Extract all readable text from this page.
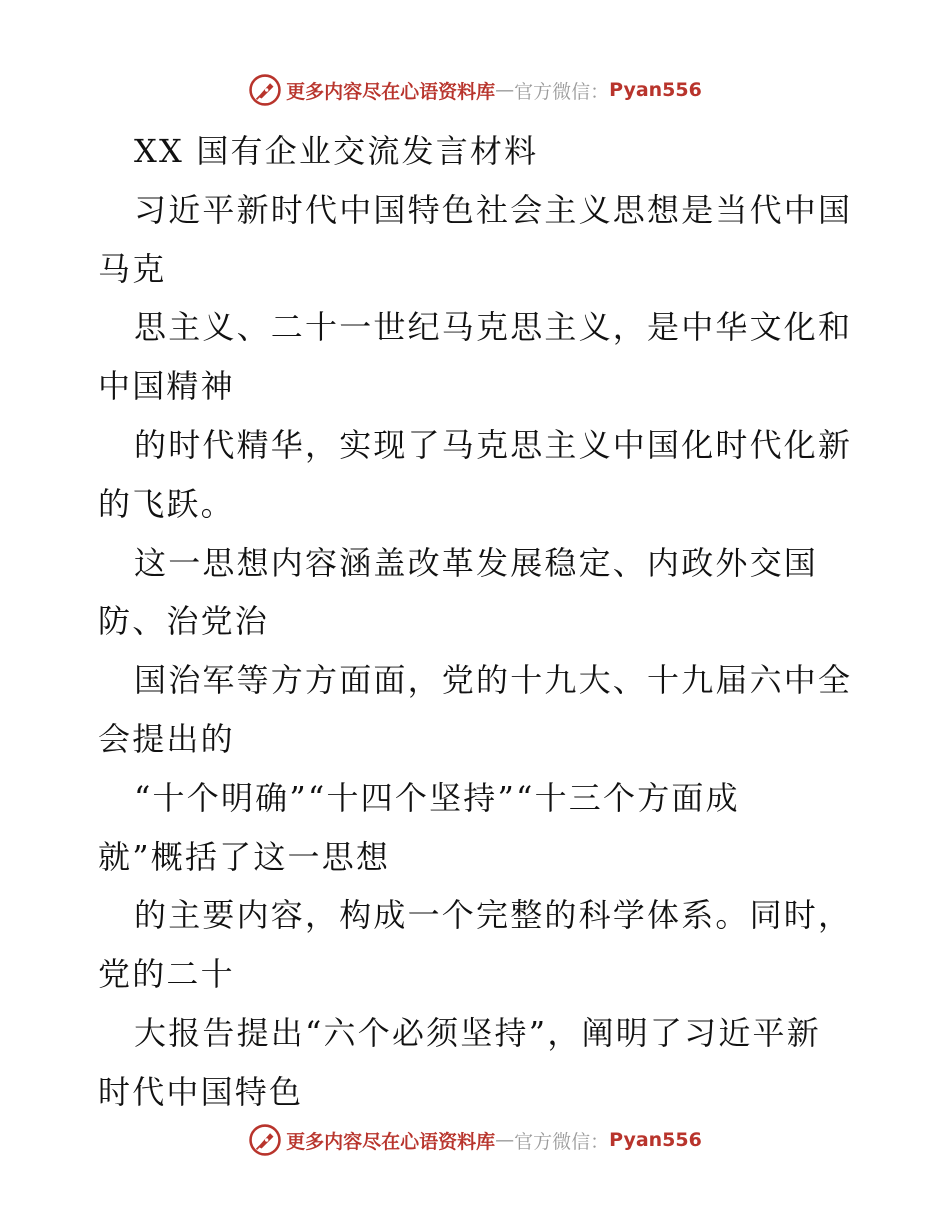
更多内容尽在心语资料库 — 官方微信： Pyan556
XX 国有企业交流发言材料
习近平新时代中国特色社会主义思想是当代中国
马克
思主义、二十一世纪马克思主义，是中华文化和
中国精神
的时代精华，实现了马克思主义中国化时代化新
的飞跃。
这一思想内容涵盖改革发展稳定、内政外交国
防、治党治
国治军等方方面面，党的十九大、十九届六中全
会提出的
“十个明确”“十四个坚持”“十三个方面成
就”概括了这一思想
的主要内容，构成一个完整的科学体系。同时，
党的二十
大报告提出“六个必须坚持”，阐明了习近平新
时代中国特色
更多内容尽在心语资料库 — 官方微信： Pyan556
